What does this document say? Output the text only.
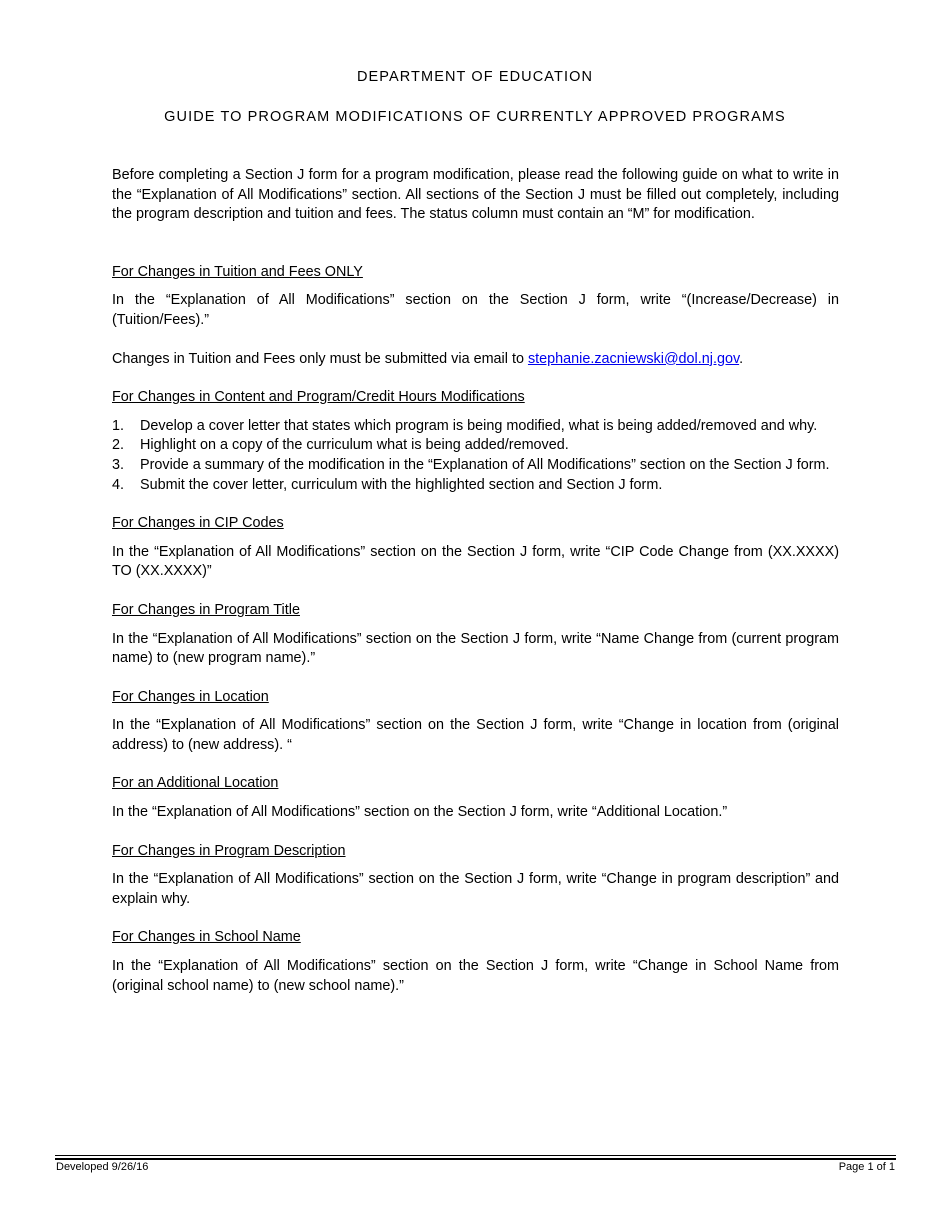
DEPARTMENT OF EDUCATION
GUIDE TO PROGRAM MODIFICATIONS OF CURRENTLY APPROVED PROGRAMS

Before completing a Section J form for a program modification, please read the following guide on what to write in the “Explanation of All Modifications” section. All sections of the Section J must be filled out completely, including the program description and tuition and fees. The status column must contain an “M” for modification.

For Changes in Tuition and Fees ONLY

In the “Explanation of All Modifications” section on the Section J form, write “(Increase/Decrease) in (Tuition/Fees).”

Changes in Tuition and Fees only must be submitted via email to stephanie.zacniewski@dol.nj.gov.

For Changes in Content and Program/Credit Hours Modifications

1. Develop a cover letter that states which program is being modified, what is being added/removed and why.
2. Highlight on a copy of the curriculum what is being added/removed.
3. Provide a summary of the modification in the “Explanation of All Modifications” section on the Section J form.
4. Submit the cover letter, curriculum with the highlighted section and Section J form.

For Changes in CIP Codes

In the “Explanation of All Modifications” section on the Section J form, write “CIP Code Change from (XX.XXXX) TO (XX.XXXX)”

For Changes in Program Title

In the “Explanation of All Modifications” section on the Section J form, write “Name Change from (current program name) to (new program name).”

For Changes in Location

In the “Explanation of All Modifications” section on the Section J form, write “Change in location from (original address) to (new address). “

For an Additional Location

In the “Explanation of All Modifications” section on the Section J form, write “Additional Location.”

For Changes in Program Description

In the “Explanation of All Modifications” section on the Section J form, write “Change in program description” and explain why.

For Changes in School Name

In the “Explanation of All Modifications” section on the Section J form, write “Change in School Name from (original school name) to (new school name).”

Developed 9/26/16	Page 1 of 1
